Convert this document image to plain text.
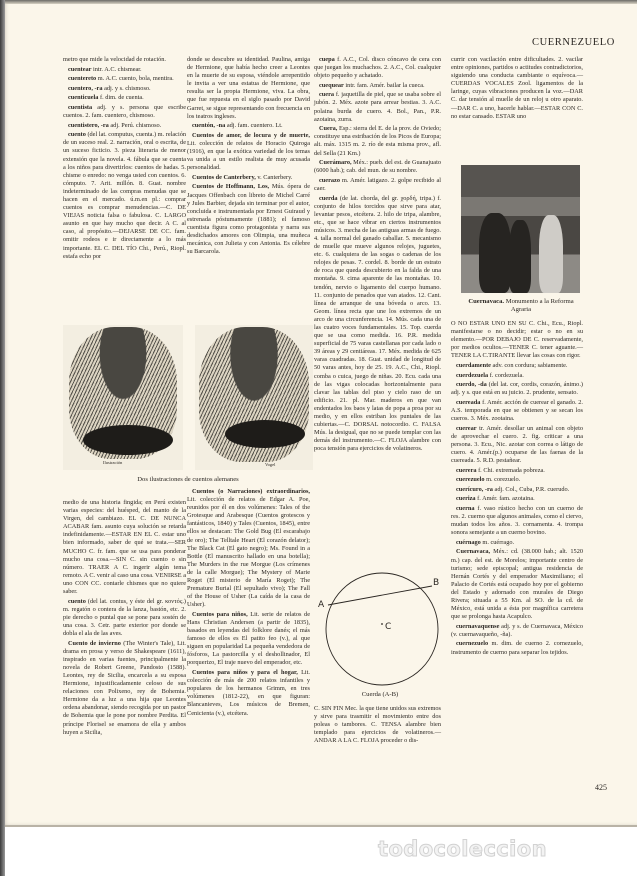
CUERNEZUELO

metro que mide la velocidad de rotación.

cuentear intr. A.C. chismear.

cuentereto m. A.C. cuento, bola, mentira.

cuentero, -ra adj. y s. chismoso.

cuenticuela f. dim. de cuenta.

cuentista adj. y s. persona que escribe cuentos. 2. fam. cuentero, chismoso.

cuentistero, -ra adj. Perú. chismoso.

cuento (del lat. computus, cuenta.) m. relación de un suceso real. 2. narración, oral o escrita, de un suceso ficticio. 3. pieza literaria de menor extensión que la novela. 4. fábula que se cuenta a los niños para divertirlos: cuentos de hadas. 5. chisme o enredo: no venga usted con cuentos. 6. cómputo. 7. Arit. millón. 8. Guat. nombre indeterminado de las compras menudas que se hacen en el mercado. ú.m.en pl.: comprar cuentos es comprar menudencias.—C. DE VIEJAS noticia falsa o fabulosa. C. LARGO asunto en que hay mucho que decir. A C. al caso, al propósito.—DEJARSE DE CC. fam. omitir rodeos e ir directamente a lo más importante. EL C. DEL TÍO Chi., Perú., Riopl. estafa echo por

medio de una historia fingida; en Perú existen varias especies: del huésped, del manto de la Virgen, del cambiazo. EL C. DE NUNCA ACABAR fam. asunto cuya solución se retarda indefinidamente.—ESTAR EN EL C. estar uno bien informado, saber de qué se trata.—SER MUCHO C. fr. fam. que se usa para ponderar mucho una cosa.—SIN C. sin cuento o sin número. TRAER A C. ingerir algún tema remoto. A C. venir al caso una cosa. VENIRSE a uno CON CC. contarle chismes que no quiere saber.

cuento (del lat. contus, y éste del gr. κοντός.) m. regatón o contera de la lanza, bastón, etc. 2. pie derecho o puntal que se pone para sostén de una cosa. 3. Cetr. parte exterior por donde se dobla el ala de las aves.

Cuento de invierno (The Winter's Tale), Lit. drama en prosa y verso de Shakespeare (1611), inspirado en varias fuentes, principalmente la novela de Robert Greene, Pandosto (1588). Leontes, rey de Sicilia, encarcela a su esposa Hermione, injustificadamente celoso de sus relaciones con Polixeno, rey de Bohemia. Hermione da a luz a una hija que Leontes ordena abandonar, siendo recogida por un pastor de Bohemia que le pone por nombre Perdita. El príncipe Florisel se enamora de ella y ambos huyen a Sicilia,

donde se descubre su identidad. Paulina, amiga de Hermione, que había hecho creer a Leontes en la muerte de su esposa, viéndole arrepentido le invita a ver una estatua de Hermione, que resulta ser la propia Hermione, viva. La obra, que fue repuesta en el siglo pasado por David Garret, se sigue representando con frecuencia en los teatros ingleses.

cuentón, -na adj. fam. cuentero. Lt.

Cuentos de amor, de locura y de muerte, Lit. colección de relatos de Horacio Quiroga (1916), en que la exótica variedad de los temas va unida a un estilo realista de muy acusada personalidad.

Cuentos de Canterbery, v. Canterbery.

Cuentos de Hoffmann, Los, Mús. ópera de Jacques Offenbach con libreto de Michel Carré y Jules Barbier, dejada sin terminar por el autor, concluida e instrumentada por Ernest Guiraud y estrenada póstumamente (1881); el famoso cuentista figura como protagonista y narra sus desdichados amores con Olimpia, una muñeca mecánica, con Julieta y con Antonia. Es célebre su Barcarola.

Cuentos (o Narraciones) extraordinarios, Lit. colección de relatos de Edgar A. Poe, reunidos por él en dos volúmenes: Tales of the Grotesque and Arabesque (Cuentos grotescos y fantásticos, 1840) y Tales (Cuentos, 1845), entre ellos se destacan: The Gold Bug (El escarabajo de oro); The Telltale Heart (El corazón delator); The Black Cat (El gato negro); Ms. Found in a Bottle (El manuscrito hallado en una botella); The Murders in the rue Morgue (Los crímenes de la calle Morgue); The Mystery of Marie Roget (El misterio de María Roget); The Premature Burial (El sepultado vivo); The Fall of the House of Usher (La caída de la casa de Usher).

Cuentos para niños, Lit. serie de relatos de Hans Christian Andersen (a partir de 1835), basados en leyendas del folklore danés; el más famoso de ellos es El patito feo (v.), al que siguen en popularidad La pequeña vendedora de fósforos, La pastorcilla y el deshollinador, El porquerizo, El traje nuevo del emperador, etc.

Cuentos para niños y para el hogar, Lit. colección de más de 200 relatos infantiles y populares de los hermanos Grimm, en tres volúmenes (1812-22), en que figuran: Blancanieves, Los músicos de Bremen, Cenicienta (v.), etcétera.

cuepa f. A.C., Col. disco cóncavo de cera con que juegan los muchachos. 2. A.C., Col. cualquier objeto pequeño y achatado.

cuequear intr. fam. Amér. bailar la cueca.

cuera f. jaquetilla de piel, que se usaba sobre el jubón. 2. Méx. azote para arrear bestias. 3. A.C. polaina burda de cuero. 4. Bol., Pan., P.R. azotaina, zurra.

Cuera, Esp.: sierra del E. de la prov. de Oviedo; constituye una estribación de los Picos de Europa; alt. máx. 1315 m. 2. río de esta misma prov., afl. del Sella (21 Km.)

Cuerámaro, Méx.: pueb. del est. de Guanajuato (6000 hab.); cab. del mun. de su nombre.

cuerazo m. Amér. latigazo. 2. golpe recibido al caer.

cuerda (de lat. chorda, del gr. χορδή, tripa.) f. conjunto de hilos torcidos que sirve para atar, levantar pesos, etcétera. 2. hilo de tripa, alambre, etc., que se hace vibrar en ciertos instrumentos músicos. 3. mecha de las antiguas armas de fuego. 4. talla normal del ganado caballar. 5. mecanismo de muelle que mueve algunos relojes, juguetes, etc. 6. cualquiera de las sogas o cadenas de los relojes de pesas. 7. cordel. 8. borde de un estrato de roca que queda descubierto en la falda de una montaña. 9. cima aparente de las montañas. 10. tendón, nervio o ligamento del cuerpo humano. 11. conjunto de penados que van atados. 12. Cant. línea de arranque de una bóveda o arco. 13. Geom. línea recta que une los extremos de un arco de una circunferencia. 14. Mús. cada una de las cuatro voces fundamentales. 15. Top. cuerda que se usa como medida. 16. P.R. medida superficial de 75 varas castellanas por cada lado o 39 áreas y 29 centiáreas. 17. Méx. medida de 625 varas cuadradas. 18. Guat. unidad de longitud de 50 varas antes, hoy de 25. 19. A.C., Chi., Riopl. comba o cuica, juego de niñas. 20. Ecu. cada una de las vigas colocadas horizontalmente para clavar las tablas del piso y cielo raso de un edificio. 21. pl. Mar. maderos en que van endentados los baos y latas de popa a proa por su medio, y en ellos estriban los puntales de las cubiertas.—C. DORSAL notocordio. C. FALSA Mús. la desigual, que no se puede templar con las demás del instrumento.—C. FLOJA alambre con poca tensión para ejercicios de volatineros.

C. SIN FIN Mec. la que tiene unidos sus extremos y sirve para trasmitir el movimiento entre dos poleas o tambores. C. TENSA alambre bien templado para ejercicios de volatineros.—ANDAR A LA C. FLOJA proceder o dis-

currir con vacilación entre dificultades. 2. vacilar entre opiniones, partidos o actitudes contradictorios, siguiendo una conducta cambiante o equívoca.—CUERDAS VOCALES Zool. ligamentos de la laringe, cuyas vibraciones producen la voz.—DAR C. dar tensión al muelle de un reloj u otro aparato.—DAR C. a uno, hacerle hablar.—ESTAR CON C. no estar cansado. ESTAR uno

O NO ESTAR UNO EN SU C. Chi., Ecu., Riopl. manifestarse o no decidir; estar o no en su elemento.—POR DEBAJO DE C. reservadamente, por medios ocultos.—TENER C. tener aguante.—TENER LA C.TIRANTE llevar las cosas con rigor.

cuerdamente adv. con cordura; sabiamente.

cuerdezuela f. cordezuela.

cuerdo, -da (del lat. cor, cordis, corazón, ánimo.) adj. y s. que está en su juicio. 2. prudente, sensato.

cuereada f. Amér. acción de cuerear el ganado. 2. A.S. temporada en que se obtienen y se secan los cueros. 3. Méx. zootaina.

cuerear tr. Amér. desollar un animal con objeto de aprovechar el cuero. 2. fig. criticar a una persona. 3. Ecu., Nic. azotar con correa o látigo de cuero. 4. Amér.(p.) ocuparse de las faenas de la cuereada. 5. R.D. pestañear.

cuerera f. Chi. extremada pobreza.

cuerezuelo m. corezuelo.

cuerícuro, -ra adj. Col., Cuba, P.R. cuerudo.

cueriza f. Amér. fam. azotaina.

cuerna f. vaso rústico hecho con un cuerno de res. 2. cuerno que algunos animales, como el ciervo, mudan todos los años. 3. cornamenta. 4. trompa sonora semejante a un cuerno bovino.

cuérnago m. cuérrago.

Cuernavaca, Méx.: cd. (38.000 hab.; alt. 1520 m.) cap. del est. de Morelos; importante centro de turismo; sede episcopal; antigua residencia de Hernán Cortés y del emperador Maximiliano; el Palacio de Cortés está ocupado hoy por el gobierno del Estado y adornado con murales de Diego Rivera; situada a 55 Km. al SO. de la cd. de México, está unida a ésta por magnífica carretera que se prolonga hasta Acapulco.

cuernavaquense adj. y s. de Cuernavaca, México (v. cuernavaqueño, -ña).

cuernezuelo m. dim. de cuerno 2. cornezuelo, instrumento de cuerno para separar los tejidos.

Ilustración	Vogel
Dos ilustraciones de cuentos alemanes
Cuernavaca. Monumento a la Reforma Agraria
A
B
C
Cuerda (A-B)
425
todocoleccion
